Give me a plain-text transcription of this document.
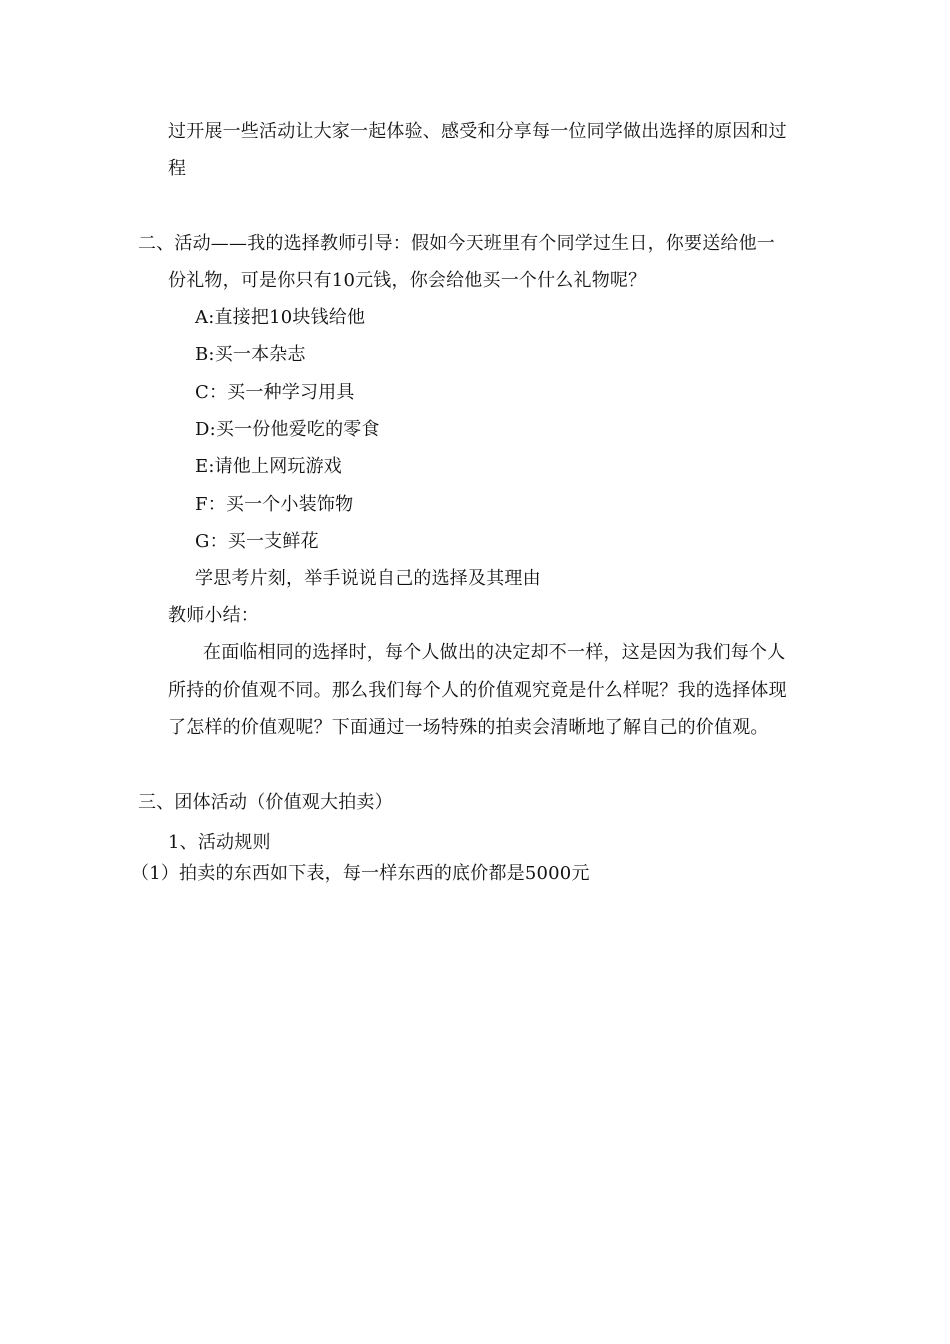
过开展一些活动让大家一起体验、感受和分享每一位同学做出选择的原因和过
程
二、活动——我的选择教师引导：假如今天班里有个同学过生日，你要送给他一
份礼物，可是你只有10元钱，你会给他买一个什么礼物呢？
A:直接把10块钱给他
B:买一本杂志
C：买一种学习用具
D:买一份他爱吃的零食
E:请他上网玩游戏
F：买一个小装饰物
G：买一支鲜花
学思考片刻，举手说说自己的选择及其理由
教师小结：
在面临相同的选择时，每个人做出的决定却不一样，这是因为我们每个人
所持的价值观不同。那么我们每个人的价值观究竟是什么样呢？我的选择体现
了怎样的价值观呢？下面通过一场特殊的拍卖会清晰地了解自己的价值观。
三、团体活动（价值观大拍卖）
1、活动规则
（1）拍卖的东西如下表，每一样东西的底价都是5000元
